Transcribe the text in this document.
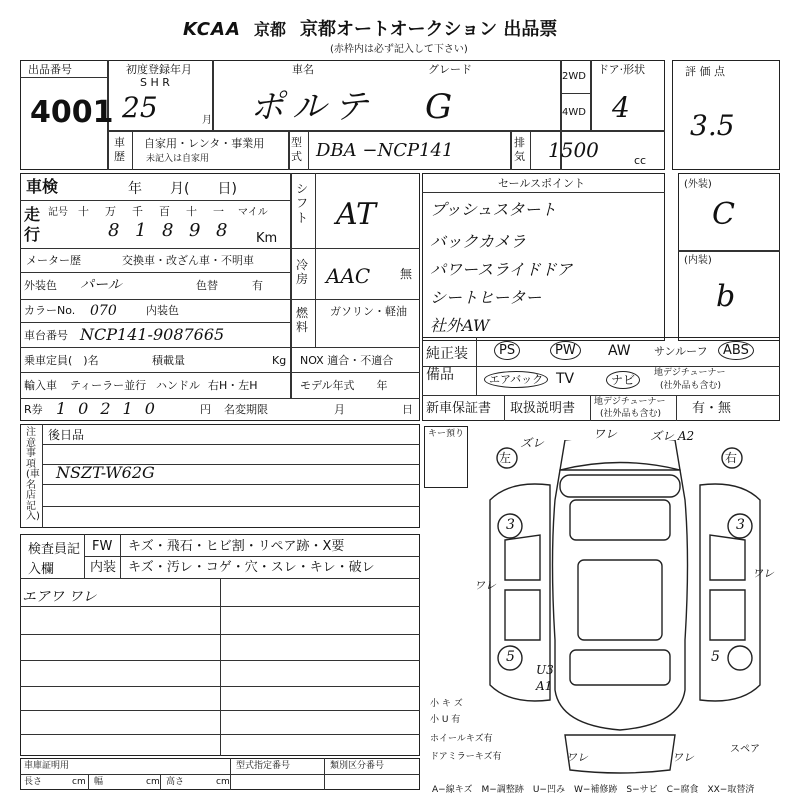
KCAA 京都 京都オートオークション 出品票
(赤枠内は必ず記入して下さい)
出品番号
4001
初度登録年月
S H R
25	月
車名
ポルテ
グレード
G
2WD
4WD
ドア·形状
4
車歴
自家用・レンタ・事業用
未記入は自家用
型式 DBA −NCP141	排気 1500	cc
評 価 点
3.5
車検	年　　月(　　日)
走行
記号 十	万	千	百	十	一	マイル
8 1 8 9 8	Km
メーター歴	交換車・改ざん車・不明車
外装色 パール	色替	有
カラーNo. 070	内装色
車台番号 NCP141-9087665
乗車定員(　)名	積載量	Kg
輸入車 ティーラー並行 ハンドル 右H・左H
R券 10210	円 名変期限	月	日
シフト AT
冷房 AAC 無
燃料
ガソリン・軽油
NOX 適合・不適合
モデル年式　　年
セールスポイント
プッシュスタート
バックカメラ
パワースライドドア
シートヒーター
社外AW
(外装)
C
(内装)
b
純正装備品
PS	PW	AW サンルーフ	ABS
エアバック TV	ナビ	地デジチューナー
(社外品も含む)
新車保証書 取扱説明書 地デジチューナー
(社外品も含む) 有・無
注意事項(車名店記入)
後日品
NSZT-W62G
検査員記入欄
FW キズ・飛石・ヒビ割・リペア跡・X要
内装 キズ・汚レ・コゲ・穴・スレ・キレ・破レ
エアワ ワレ
車庫証明用
長さ	cm 幅	cm 高さ	cm
型式指定番号	類別区分番号
A−線キズ　M−調整跡　U−凹み　W−補修跡　S−サビ　C−腐食　XX−取替済
キー預り
ズレ
ワレ	ズレ A2
左	右
3	3
ワレ
ワレ
5	5
U3
A1
ワレ	ワレ
スペア
小 キ ズ
小 U 有
ホイールキズ有
ドアミラーキズ有
